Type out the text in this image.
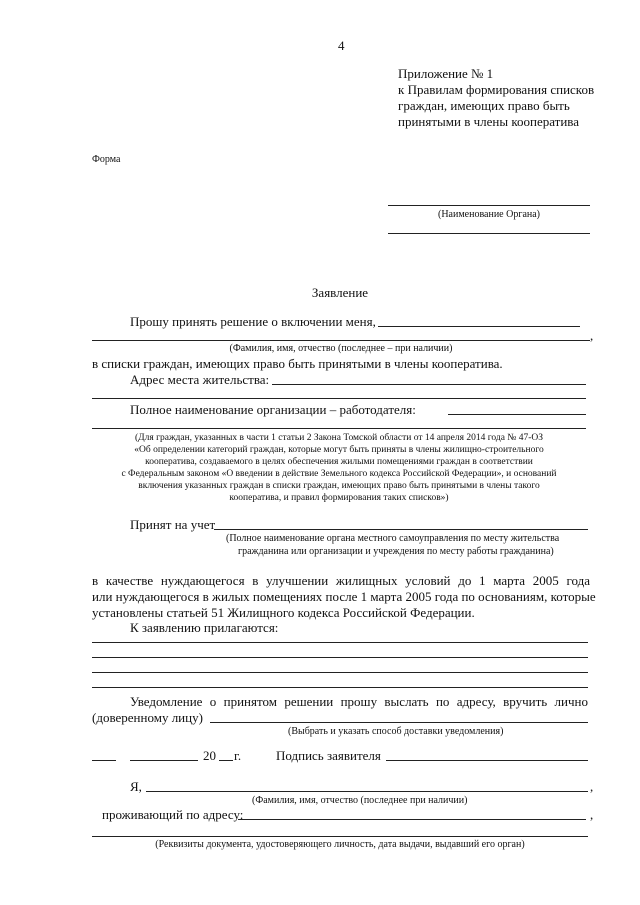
4
Приложение № 1
к Правилам формирования списков
граждан, имеющих право быть
принятыми в члены кооператива
Форма
(Наименование Органа)
Заявление
Прошу принять решение о включении меня,
,
(Фамилия, имя, отчество (последнее – при наличии)
в списки граждан, имеющих право быть принятыми в члены кооператива.
Адрес места жительства:
Полное наименование организации – работодателя:
(Для граждан, указанных в части 1 статьи 2 Закона Томской области от 14 апреля 2014 года № 47-ОЗ
«Об определении категорий граждан, которые могут быть приняты в члены жилищно-строительного
кооператива, создаваемого в целях обеспечения жилыми помещениями граждан в соответствии
с Федеральным законом «О введении в действие Земельного кодекса Российской Федерации», и оснований
включения указанных граждан в списки граждан, имеющих право быть принятыми в члены такого
кооператива, и правил формирования таких списков»)
Принят на учет
(Полное наименование органа местного самоуправления по месту жительства
гражданина или организации и учреждения по месту работы гражданина)
в качестве нуждающегося в улучшении жилищных условий до 1 марта 2005 года
или нуждающегося в жилых помещениях после 1 марта 2005 года по основаниям, которые
установлены статьей 51 Жилищного кодекса Российской Федерации.
К заявлению прилагаются:
Уведомление о принятом решении прошу выслать по адресу, вручить лично
(доверенному лицу)
(Выбрать и указать способ доставки уведомления)
20 г.	Подпись заявителя
Я,	,
(Фамилия, имя, отчество (последнее при наличии)
проживающий по адресу:	,
(Реквизиты документа, удостоверяющего личность, дата выдачи, выдавший его орган)
